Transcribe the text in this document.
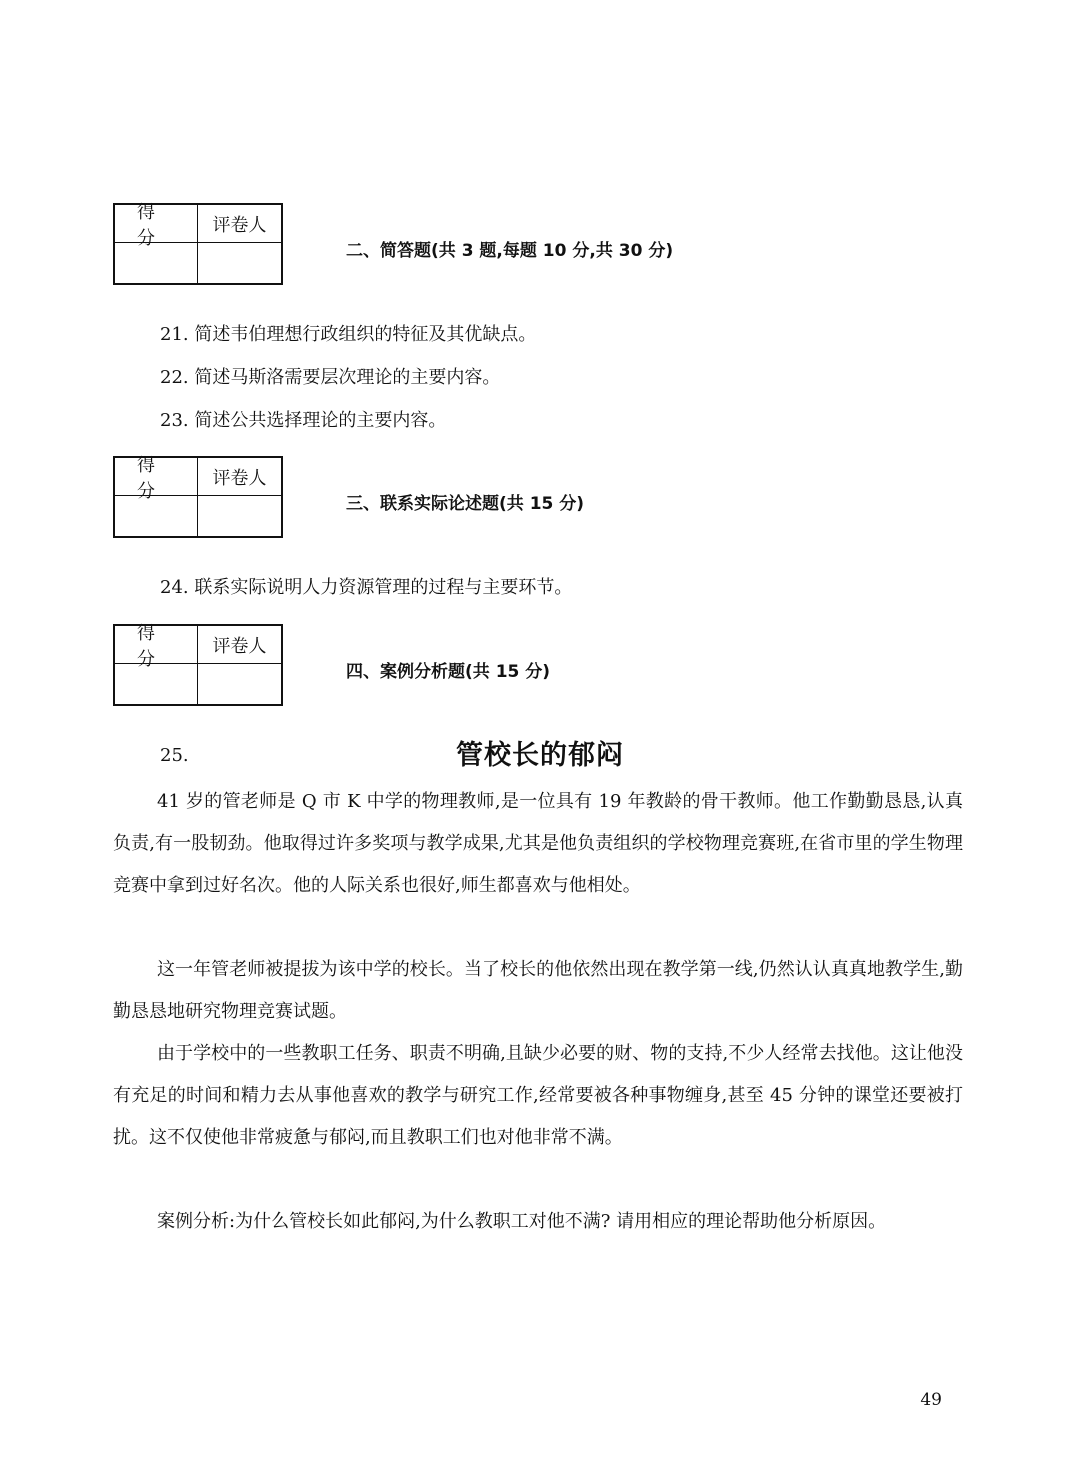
得分
评卷人
二、简答题(共 3 题,每题 10 分,共 30 分)
21. 简述韦伯理想行政组织的特征及其优缺点。
22. 简述马斯洛需要层次理论的主要内容。
23. 简述公共选择理论的主要内容。
得分
评卷人
三、联系实际论述题(共 15 分)
24. 联系实际说明人力资源管理的过程与主要环节。
得分
评卷人
四、案例分析题(共 15 分)
25.	管校长的郁闷

41 岁的管老师是 Q 市 K 中学的物理教师,是一位具有 19 年教龄的骨干教师。他工作勤勤恳恳,认真负责,有一股韧劲。他取得过许多奖项与教学成果,尤其是他负责组织的学校物理竞赛班,在省市里的学生物理竞赛中拿到过好名次。他的人际关系也很好,师生都喜欢与他相处。

这一年管老师被提拔为该中学的校长。当了校长的他依然出现在教学第一线,仍然认认真真地教学生,勤勤恳恳地研究物理竞赛试题。

由于学校中的一些教职工任务、职责不明确,且缺少必要的财、物的支持,不少人经常去找他。这让他没有充足的时间和精力去从事他喜欢的教学与研究工作,经常要被各种事物缠身,甚至 45 分钟的课堂还要被打扰。这不仅使他非常疲惫与郁闷,而且教职工们也对他非常不满。

案例分析:为什么管校长如此郁闷,为什么教职工对他不满? 请用相应的理论帮助他分析原因。

49
